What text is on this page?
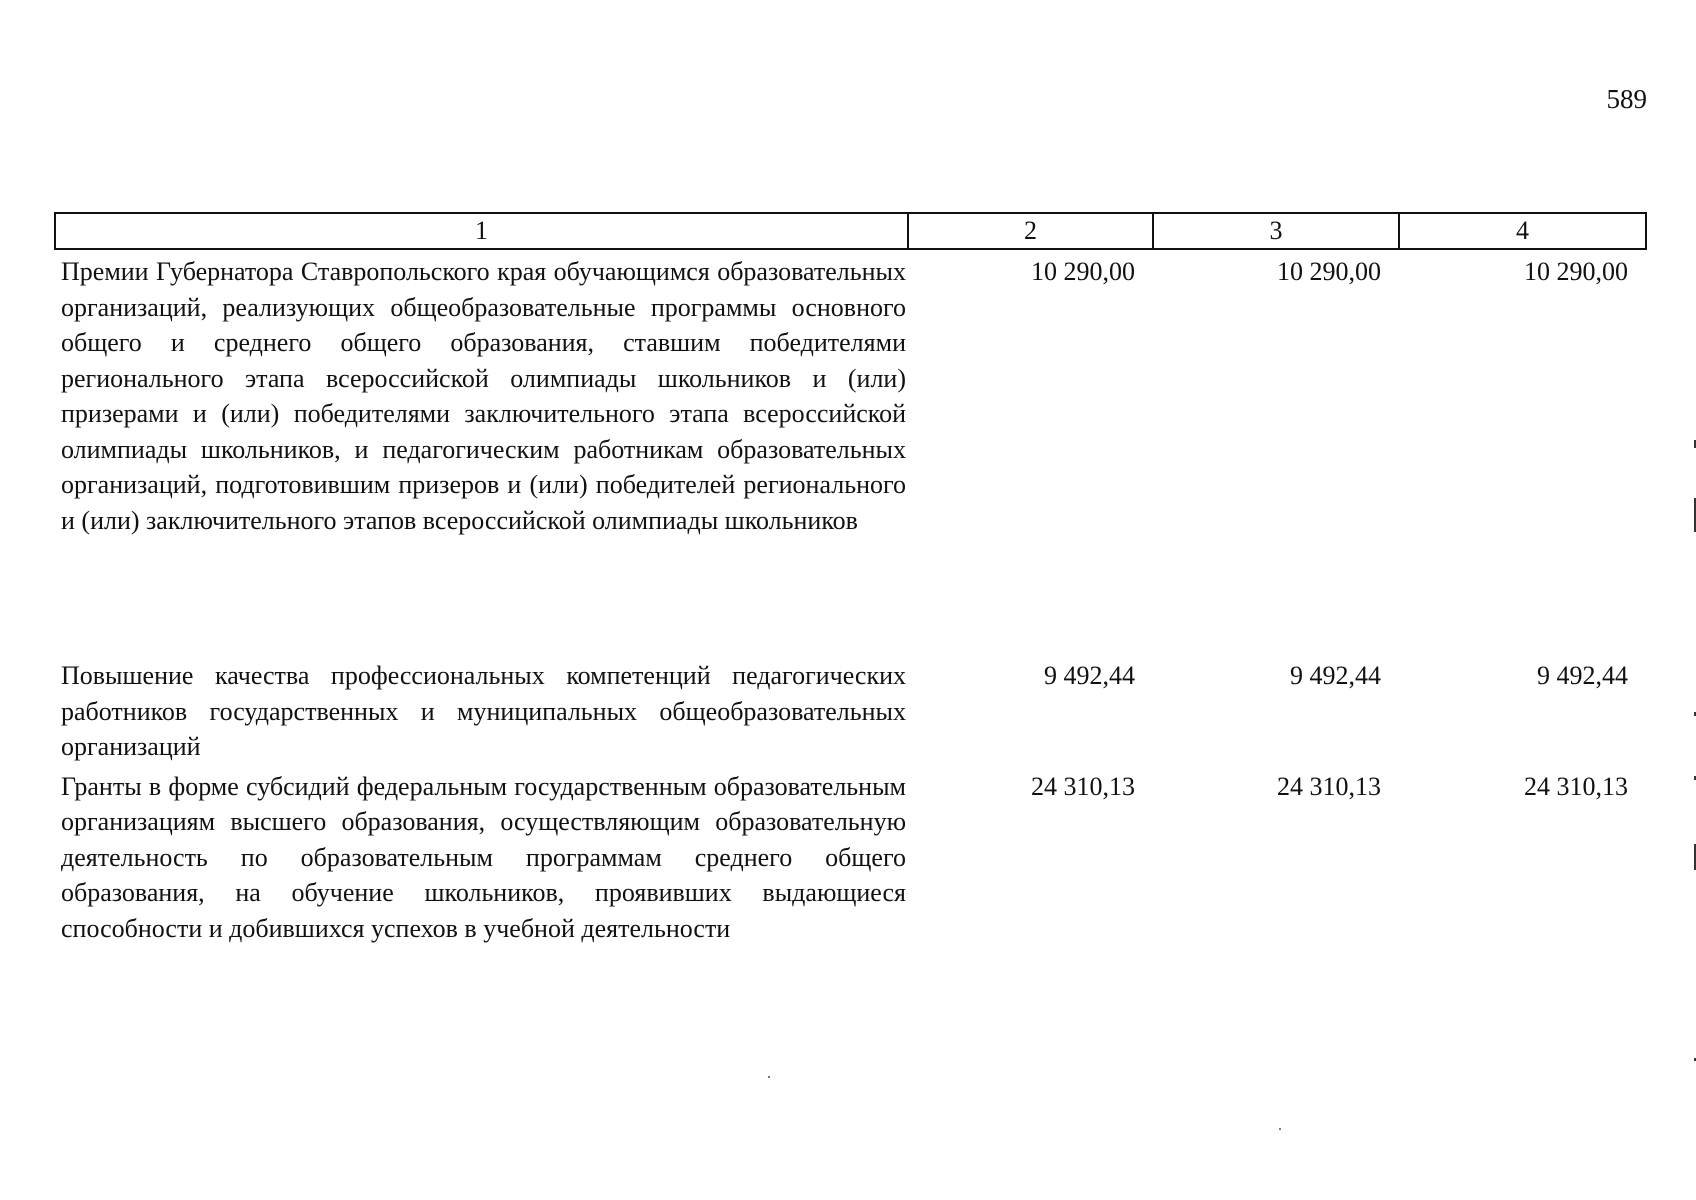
589
1	2	3	4
Премии Губернатора Ставропольского края обучающимся образовательных организаций, реализующих общеобразовательные программы основного общего и среднего общего образования, ставшим победителями регионального этапа всероссийской олимпиады школьников и (или) призерами и (или) победителями заключительного этапа всероссийской олимпиады школьников, и педагогическим работникам образовательных организаций, подготовившим призеров и (или) победителей регионального и (или) заключительного этапов всероссийской олимпиады школьников	10 290,00	10 290,00	10 290,00
Повышение качества профессиональных компетенций педагогических работников государственных и муниципальных общеобразовательных организаций	9 492,44	9 492,44	9 492,44
Гранты в форме субсидий федеральным государственным образовательным организациям высшего образования, осуществляющим образовательную деятельность по образовательным программам среднего общего образования, на обучение школьников, проявивших выдающиеся способности и добившихся успехов в учебной деятельности	24 310,13	24 310,13	24 310,13
